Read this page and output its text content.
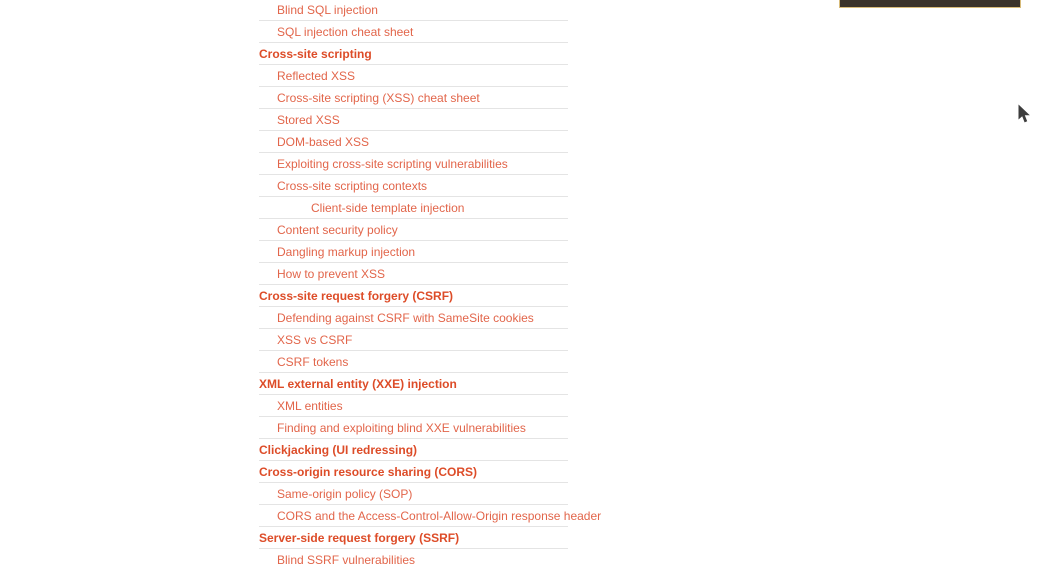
Blind SQL injection
SQL injection cheat sheet
Cross-site scripting
Reflected XSS
Cross-site scripting (XSS) cheat sheet
Stored XSS
DOM-based XSS
Exploiting cross-site scripting vulnerabilities
Cross-site scripting contexts
Client-side template injection
Content security policy
Dangling markup injection
How to prevent XSS
Cross-site request forgery (CSRF)
Defending against CSRF with SameSite cookies
XSS vs CSRF
CSRF tokens
XML external entity (XXE) injection
XML entities
Finding and exploiting blind XXE vulnerabilities
Clickjacking (UI redressing)
Cross-origin resource sharing (CORS)
Same-origin policy (SOP)
CORS and the Access-Control-Allow-Origin response header
Server-side request forgery (SSRF)
Blind SSRF vulnerabilities
